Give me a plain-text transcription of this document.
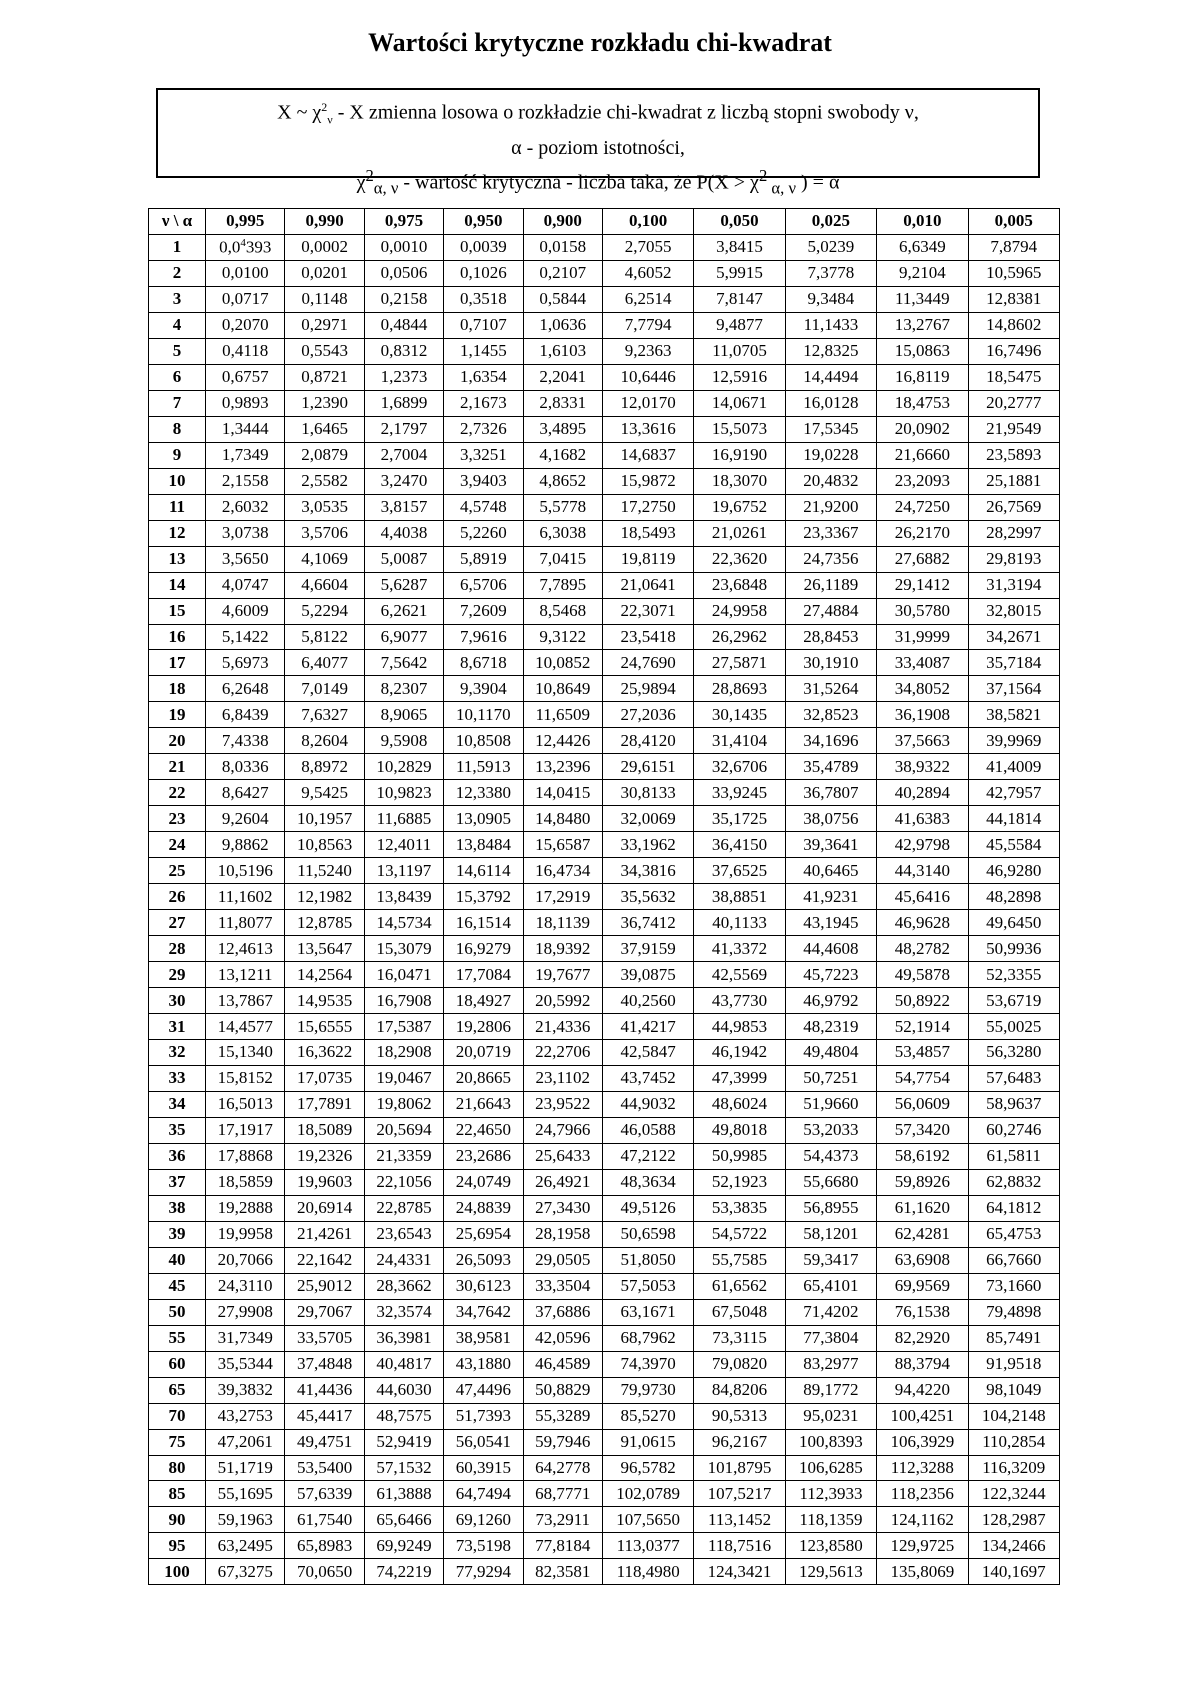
Wartości krytyczne rozkładu chi-kwadrat
X ~ $\chi^2_\nu$ - X zmienna losowa o rozkładzie chi-kwadrat z liczbą stopni swobody ν,
α - poziom istotności,
$\chi^2_{\alpha, \nu}$ - wartość krytyczna - liczba taka, że $P(X > \chi^2$ $_{\alpha, \nu}$ ) = α
ν \ α	0,995	0,990	0,975	0,950	0,900	0,100	0,050	0,025	0,010	0,005
1	$0,0^4393$	0,0002	0,0010	0,0039	0,0158	2,7055	3,8415	5,0239	6,6349	7,8794
2	0,0100	0,0201	0,0506	0,1026	0,2107	4,6052	5,9915	7,3778	9,2104	10,5965
3	0,0717	0,1148	0,2158	0,3518	0,5844	6,2514	7,8147	9,3484	11,3449	12,8381
4	0,2070	0,2971	0,4844	0,7107	1,0636	7,7794	9,4877	11,1433	13,2767	14,8602
5	0,4118	0,5543	0,8312	1,1455	1,6103	9,2363	11,0705	12,8325	15,0863	16,7496
6	0,6757	0,8721	1,2373	1,6354	2,2041	10,6446	12,5916	14,4494	16,8119	18,5475
7	0,9893	1,2390	1,6899	2,1673	2,8331	12,0170	14,0671	16,0128	18,4753	20,2777
8	1,3444	1,6465	2,1797	2,7326	3,4895	13,3616	15,5073	17,5345	20,0902	21,9549
9	1,7349	2,0879	2,7004	3,3251	4,1682	14,6837	16,9190	19,0228	21,6660	23,5893
10	2,1558	2,5582	3,2470	3,9403	4,8652	15,9872	18,3070	20,4832	23,2093	25,1881
11	2,6032	3,0535	3,8157	4,5748	5,5778	17,2750	19,6752	21,9200	24,7250	26,7569
12	3,0738	3,5706	4,4038	5,2260	6,3038	18,5493	21,0261	23,3367	26,2170	28,2997
13	3,5650	4,1069	5,0087	5,8919	7,0415	19,8119	22,3620	24,7356	27,6882	29,8193
14	4,0747	4,6604	5,6287	6,5706	7,7895	21,0641	23,6848	26,1189	29,1412	31,3194
15	4,6009	5,2294	6,2621	7,2609	8,5468	22,3071	24,9958	27,4884	30,5780	32,8015
16	5,1422	5,8122	6,9077	7,9616	9,3122	23,5418	26,2962	28,8453	31,9999	34,2671
17	5,6973	6,4077	7,5642	8,6718	10,0852	24,7690	27,5871	30,1910	33,4087	35,7184
18	6,2648	7,0149	8,2307	9,3904	10,8649	25,9894	28,8693	31,5264	34,8052	37,1564
19	6,8439	7,6327	8,9065	10,1170	11,6509	27,2036	30,1435	32,8523	36,1908	38,5821
20	7,4338	8,2604	9,5908	10,8508	12,4426	28,4120	31,4104	34,1696	37,5663	39,9969
21	8,0336	8,8972	10,2829	11,5913	13,2396	29,6151	32,6706	35,4789	38,9322	41,4009
22	8,6427	9,5425	10,9823	12,3380	14,0415	30,8133	33,9245	36,7807	40,2894	42,7957
23	9,2604	10,1957	11,6885	13,0905	14,8480	32,0069	35,1725	38,0756	41,6383	44,1814
24	9,8862	10,8563	12,4011	13,8484	15,6587	33,1962	36,4150	39,3641	42,9798	45,5584
25	10,5196	11,5240	13,1197	14,6114	16,4734	34,3816	37,6525	40,6465	44,3140	46,9280
26	11,1602	12,1982	13,8439	15,3792	17,2919	35,5632	38,8851	41,9231	45,6416	48,2898
27	11,8077	12,8785	14,5734	16,1514	18,1139	36,7412	40,1133	43,1945	46,9628	49,6450
28	12,4613	13,5647	15,3079	16,9279	18,9392	37,9159	41,3372	44,4608	48,2782	50,9936
29	13,1211	14,2564	16,0471	17,7084	19,7677	39,0875	42,5569	45,7223	49,5878	52,3355
30	13,7867	14,9535	16,7908	18,4927	20,5992	40,2560	43,7730	46,9792	50,8922	53,6719
31	14,4577	15,6555	17,5387	19,2806	21,4336	41,4217	44,9853	48,2319	52,1914	55,0025
32	15,1340	16,3622	18,2908	20,0719	22,2706	42,5847	46,1942	49,4804	53,4857	56,3280
33	15,8152	17,0735	19,0467	20,8665	23,1102	43,7452	47,3999	50,7251	54,7754	57,6483
34	16,5013	17,7891	19,8062	21,6643	23,9522	44,9032	48,6024	51,9660	56,0609	58,9637
35	17,1917	18,5089	20,5694	22,4650	24,7966	46,0588	49,8018	53,2033	57,3420	60,2746
36	17,8868	19,2326	21,3359	23,2686	25,6433	47,2122	50,9985	54,4373	58,6192	61,5811
37	18,5859	19,9603	22,1056	24,0749	26,4921	48,3634	52,1923	55,6680	59,8926	62,8832
38	19,2888	20,6914	22,8785	24,8839	27,3430	49,5126	53,3835	56,8955	61,1620	64,1812
39	19,9958	21,4261	23,6543	25,6954	28,1958	50,6598	54,5722	58,1201	62,4281	65,4753
40	20,7066	22,1642	24,4331	26,5093	29,0505	51,8050	55,7585	59,3417	63,6908	66,7660
45	24,3110	25,9012	28,3662	30,6123	33,3504	57,5053	61,6562	65,4101	69,9569	73,1660
50	27,9908	29,7067	32,3574	34,7642	37,6886	63,1671	67,5048	71,4202	76,1538	79,4898
55	31,7349	33,5705	36,3981	38,9581	42,0596	68,7962	73,3115	77,3804	82,2920	85,7491
60	35,5344	37,4848	40,4817	43,1880	46,4589	74,3970	79,0820	83,2977	88,3794	91,9518
65	39,3832	41,4436	44,6030	47,4496	50,8829	79,9730	84,8206	89,1772	94,4220	98,1049
70	43,2753	45,4417	48,7575	51,7393	55,3289	85,5270	90,5313	95,0231	100,4251	104,2148
75	47,2061	49,4751	52,9419	56,0541	59,7946	91,0615	96,2167	100,8393	106,3929	110,2854
80	51,1719	53,5400	57,1532	60,3915	64,2778	96,5782	101,8795	106,6285	112,3288	116,3209
85	55,1695	57,6339	61,3888	64,7494	68,7771	102,0789	107,5217	112,3933	118,2356	122,3244
90	59,1963	61,7540	65,6466	69,1260	73,2911	107,5650	113,1452	118,1359	124,1162	128,2987
95	63,2495	65,8983	69,9249	73,5198	77,8184	113,0377	118,7516	123,8580	129,9725	134,2466
100	67,3275	70,0650	74,2219	77,9294	82,3581	118,4980	124,3421	129,5613	135,8069	140,1697
